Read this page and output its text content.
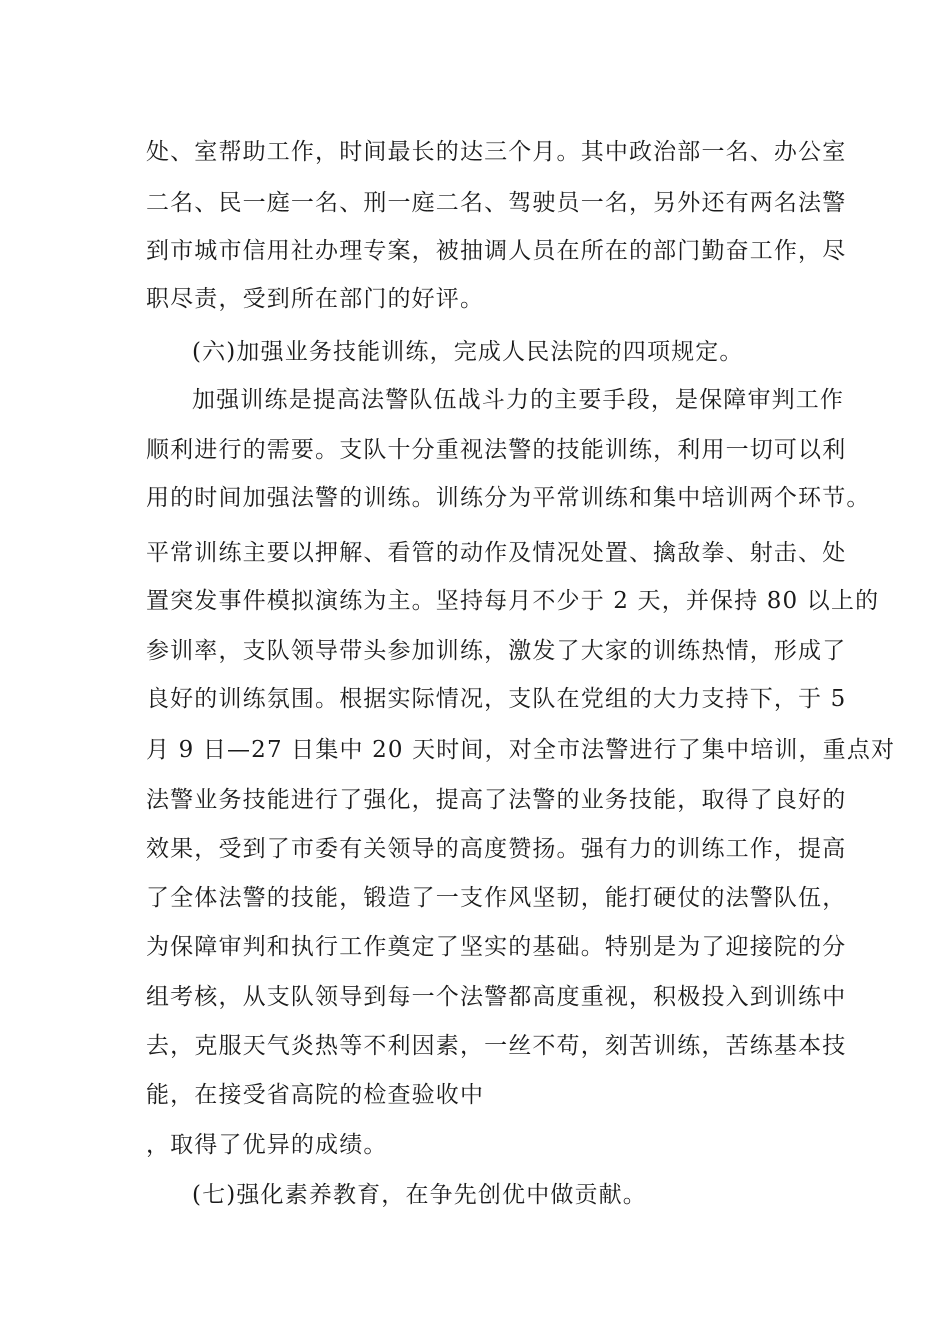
处、室帮助工作，时间最长的达三个月。其中政治部一名、办公室

二名、民一庭一名、刑一庭二名、驾驶员一名，另外还有两名法警

到市城市信用社办理专案，被抽调人员在所在的部门勤奋工作，尽

职尽责，受到所在部门的好评。

(六)加强业务技能训练，完成人民法院的四项规定。

加强训练是提高法警队伍战斗力的主要手段，是保障审判工作

顺利进行的需要。支队十分重视法警的技能训练，利用一切可以利

用的时间加强法警的训练。训练分为平常训练和集中培训两个环节。

平常训练主要以押解、看管的动作及情况处置、擒敌拳、射击、处

置突发事件模拟演练为主。坚持每月不少于 2 天，并保持 80 以上的

参训率，支队领导带头参加训练，激发了大家的训练热情，形成了

良好的训练氛围。根据实际情况，支队在党组的大力支持下，于 5

月 9 日—27 日集中 20 天时间，对全市法警进行了集中培训，重点对

法警业务技能进行了强化，提高了法警的业务技能，取得了良好的

效果，受到了市委有关领导的高度赞扬。强有力的训练工作，提高

了全体法警的技能，锻造了一支作风坚韧，能打硬仗的法警队伍，

为保障审判和执行工作奠定了坚实的基础。特别是为了迎接院的分

组考核，从支队领导到每一个法警都高度重视，积极投入到训练中

去，克服天气炎热等不利因素，一丝不苟，刻苦训练，苦练基本技

能，在接受省高院的检查验收中

，取得了优异的成绩。

(七)强化素养教育，在争先创优中做贡献。
